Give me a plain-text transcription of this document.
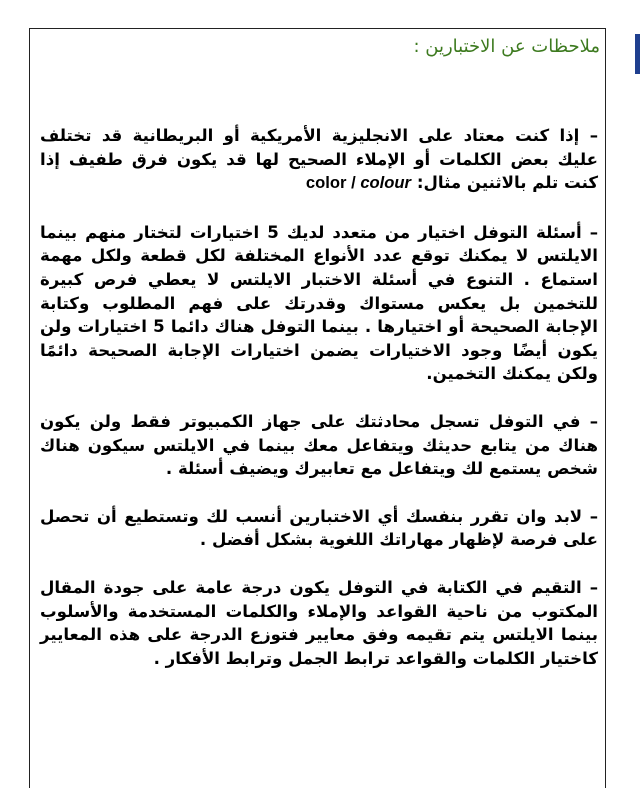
ملاحظات عن الاختبارين :

– إذا كنت معتاد على الانجليزية الأمريكية أو البريطانية قد تختلف عليك بعض الكلمات أو الإملاء الصحيح لها قد يكون فرق طفيف إذا كنت تلم بالاثنين مثال: color / colour

– أسئلة التوفل اختيار من متعدد لديك 5 اختيارات لتختار منهم بينما الايلتس لا يمكنك توقع عدد الأنواع المختلفة لكل قطعة ولكل مهمة استماع . التنوع في أسئلة الاختبار الايلتس لا يعطي فرص كبيرة للتخمين بل يعكس مستواك وقدرتك على فهم المطلوب وكتابة الإجابة الصحيحة أو اختيارها . بينما التوفل هناك دائما 5 اختيارات ولن يكون أيضًا وجود الاختيارات يضمن اختيارات الإجابة الصحيحة دائمًا ولكن يمكنك التخمين.

– في التوفل تسجل محادثتك على جهاز الكمبيوتر فقط ولن يكون هناك من يتابع حديثك ويتفاعل معك بينما في الايلتس سيكون هناك شخص يستمع لك ويتفاعل مع تعابيرك ويضيف أسئلة .

– لابد وان تقرر بنفسك أي الاختبارين أنسب لك وتستطيع أن تحصل على فرصة لإظهار مهاراتك اللغوية بشكل أفضل .

– التقيم في الكتابة في التوفل يكون درجة عامة على جودة المقال المكتوب من ناحية القواعد والإملاء والكلمات المستخدمة والأسلوب بينما الايلتس يتم تقيمه وفق معايير فتوزع الدرجة على هذه المعايير كاختيار الكلمات والقواعد ترابط الجمل وترابط الأفكار .
